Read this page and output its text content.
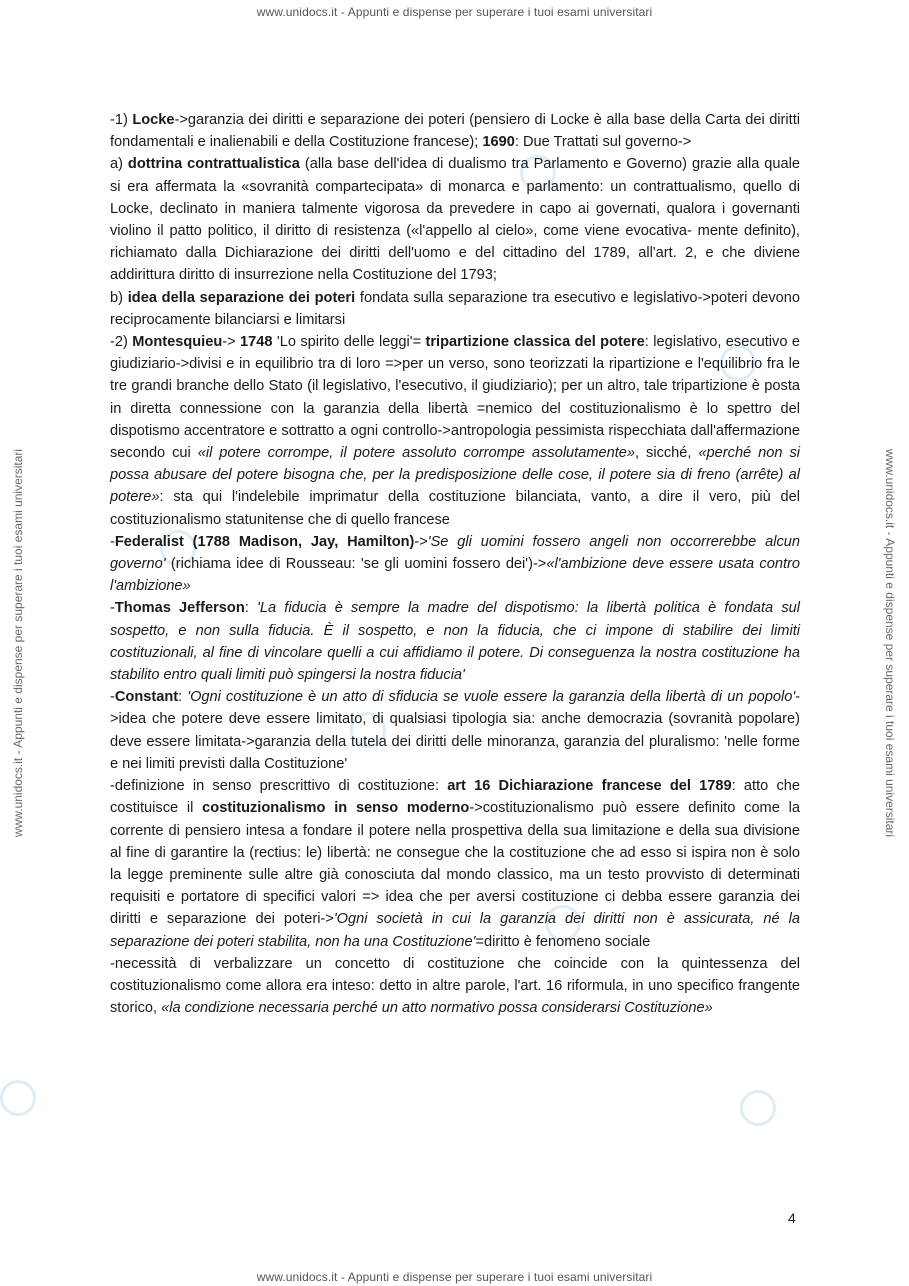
www.unidocs.it - Appunti e dispense per superare i tuoi esami universitari
www.unidocs.it - Appunti e dispense per superare i tuoi esami universitari
www.unidocs.it - Appunti e dispense per superare i tuoi esami universitari	www.unidocs.it - Appunti e dispense per superare i tuoi esami universitari

-1) Locke->garanzia dei diritti e separazione dei poteri (pensiero di Locke è alla base della Carta dei diritti fondamentali e inalienabili e della Costituzione francese); 1690: Due Trattati sul governo->

a) dottrina contrattualistica (alla base dell'idea di dualismo tra Parlamento e Governo) grazie alla quale si era affermata la «sovranità compartecipata» di monarca e parlamento: un contrattualismo, quello di Locke, declinato in maniera talmente vigorosa da prevedere in capo ai governati, qualora i governanti violino il patto politico, il diritto di resistenza («l'appello al cielo», come viene evocativa- mente definito), richiamato dalla Dichiarazione dei diritti dell'uomo e del cittadino del 1789, all'art. 2, e che diviene addirittura diritto di insurrezione nella Costituzione del 1793;

b) idea della separazione dei poteri fondata sulla separazione tra esecutivo e legislativo->poteri devono reciprocamente bilanciarsi e limitarsi

-2) Montesquieu-> 1748 'Lo spirito delle leggi'= tripartizione classica del potere: legislativo, esecutivo e giudiziario->divisi e in equilibrio tra di loro =>per un verso, sono teorizzati la ripartizione e l'equilibrio fra le tre grandi branche dello Stato (il legislativo, l'esecutivo, il giudiziario); per un altro, tale tripartizione è posta in diretta connessione con la garanzia della libertà =nemico del costituzionalismo è lo spettro del dispotismo accentratore e sottratto a ogni controllo->antropologia pessimista rispecchiata dall'affermazione secondo cui «il potere corrompe, il potere assoluto corrompe assolutamente», sicché, «perché non si possa abusare del potere bisogna che, per la predisposizione delle cose, il potere sia di freno (arrête) al potere»: sta qui l'indelebile imprimatur della costituzione bilanciata, vanto, a dire il vero, più del costituzionalismo statunitense che di quello francese

-Federalist (1788 Madison, Jay, Hamilton)->'Se gli uomini fossero angeli non occorrerebbe alcun governo' (richiama idee di Rousseau: 'se gli uomini fossero dei')->«l'ambizione deve essere usata contro l'ambizione»

-Thomas Jefferson: 'La fiducia è sempre la madre del dispotismo: la libertà politica è fondata sul sospetto, e non sulla fiducia. È il sospetto, e non la fiducia, che ci impone di stabilire dei limiti costituzionali, al fine di vincolare quelli a cui affidiamo il potere. Di conseguenza la nostra costituzione ha stabilito entro quali limiti può spingersi la nostra fiducia'

-Constant: 'Ogni costituzione è un atto di sfiducia se vuole essere la garanzia della libertà di un popolo'->idea che potere deve essere limitato, di qualsiasi tipologia sia: anche democrazia (sovranità popolare) deve essere limitata->garanzia della tutela dei diritti delle minoranza, garanzia del pluralismo: 'nelle forme e nei limiti previsti dalla Costituzione'

-definizione in senso prescrittivo di costituzione: art 16 Dichiarazione francese del 1789: atto che costituisce il costituzionalismo in senso moderno->costituzionalismo può essere definito come la corrente di pensiero intesa a fondare il potere nella prospettiva della sua limitazione e della sua divisione al fine di garantire la (rectius: le) libertà: ne consegue che la costituzione che ad esso si ispira non è solo la legge preminente sulle altre già conosciuta dal mondo classico, ma un testo provvisto di determinati requisiti e portatore di specifici valori => idea che per aversi costituzione ci debba essere garanzia dei diritti e separazione dei poteri->'Ogni società in cui la garanzia dei diritti non è assicurata, né la separazione dei poteri stabilita, non ha una Costituzione'=diritto è fenomeno sociale

-necessità di verbalizzare un concetto di costituzione che coincide con la quintessenza del costituzionalismo come allora era inteso: detto in altre parole, l'art. 16 riformula, in uno specifico frangente storico, «la condizione necessaria perché un atto normativo possa considerarsi Costituzione»

4
